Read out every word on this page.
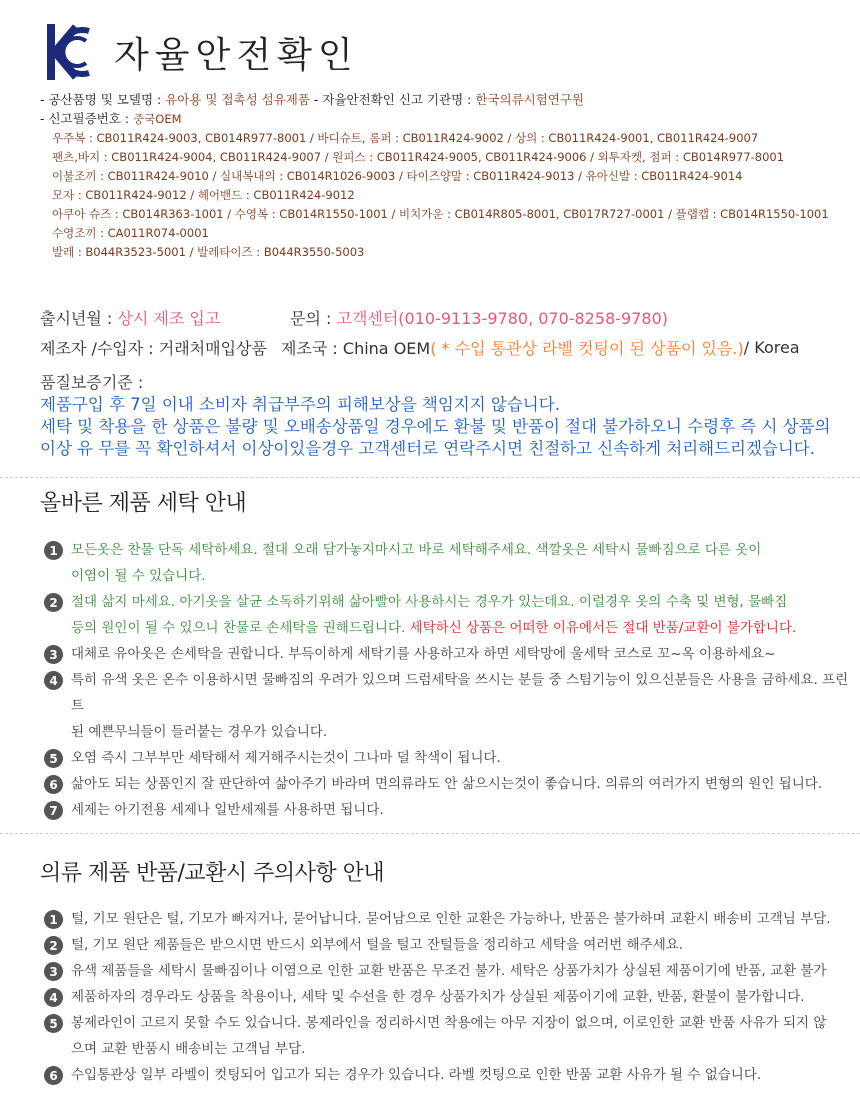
자율안전확인
- 공산품명 및 모델명 : 유아용 및 접촉성 섬유제품 - 자율안전확인 신고 기관명 : 한국의류시험연구원
- 신고필증번호 : 중국OEM
우주복 : CB011R424-9003, CB014R977-8001 / 바디슈트, 롬퍼 : CB011R424-9002 / 상의 : CB011R424-9001, CB011R424-9007
팬츠,바지 : CB011R424-9004, CB011R424-9007 / 원피스 : CB011R424-9005, CB011R424-9006 / 외투자켓, 점퍼 : CB014R977-8001
이불조끼 : CB011R424-9010 / 실내복내의 : CB014R1026-9003 / 타이즈양말 : CB011R424-9013 / 유아신발 : CB011R424-9014
모자 : CB011R424-9012 / 헤어밴드 : CB011R424-9012
아쿠아 슈즈 : CB014R363-1001 / 수영복 : CB014R1550-1001 / 비치가운 : CB014R805-8001, CB017R727-0001 / 플랩캡 : CB014R1550-1001
수영조끼 : CA011R074-0001
발레 : B044R3523-5001 / 발레타이즈 : B044R3550-5003
출시년월 : 상시 제조 입고	문의 : 고객센터(010-9113-9780, 070-8258-9780)
제조자 /수입자 : 거래처매입상품 제조국 : China OEM ( * 수입 통관상 라벨 컷팅이 된 상품이 있음.) / Korea
품질보증기준 :
제품구입 후 7일 이내 소비자 취급부주의 피해보상을 책임지지 않습니다.
세탁 및 착용을 한 상품은 불량 및 오배송상품일 경우에도 환불 및 반품이 절대 불가하오니 수령후 즉 시 상품의
이상 유 무를 꼭 확인하셔서 이상이있을경우 고객센터로 연락주시면 친절하고 신속하게 처리해드리겠습니다.
올바른 제품 세탁 안내
1 모든옷은 찬물 단독 세탁하세요. 절대 오래 담가놓지마시고 바로 세탁해주세요. 색깔옷은 세탁시 물빠짐으로 다른 옷이
이염이 될 수 있습니다.
2 절대 삶지 마세요. 아기옷을 살균 소독하기위해 삶아빨아 사용하시는 경우가 있는데요. 이럴경우 옷의 수축 및 변형, 물빠짐
등의 원인이 될 수 있으니 찬물로 손세탁을 권해드립니다. 세탁하신 상품은 어떠한 이유에서든 절대 반품/교환이 불가합니다.
3 대체로 유아옷은 손세탁을 권합니다. 부득이하게 세탁기를 사용하고자 하면 세탁망에 울세탁 코스로 꼬~옥 이용하세요~
4 특히 유색 옷은 온수 이용하시면 물빠짐의 우려가 있으며 드럼세탁을 쓰시는 분들 중 스팀기능이 있으신분들은 사용을 금하세요. 프린트
된 예쁜무늬들이 들러붙는 경우가 있습니다.
5 오염 즉시 그부부만 세탁해서 제거해주시는것이 그나마 덜 착색이 됩니다.
6 삶아도 되는 상품인지 잘 판단하여 삶아주기 바라며 면의류라도 안 삶으시는것이 좋습니다. 의류의 여러가지 변형의 원인 됩니다.
7 세제는 아기전용 세제나 일반세제를 사용하면 됩니다.
의류 제품 반품/교환시 주의사항 안내
1 털, 기모 원단은 털, 기모가 빠지거나, 묻어납니다. 묻어남으로 인한 교환은 가능하나, 반품은 불가하며 교환시 배송비 고객님 부담.
2 털, 기모 원단 제품들은 받으시면 반드시 외부에서 털을 털고 잔털들을 정리하고 세탁을 여러번 해주세요.
3 유색 제품들을 세탁시 물빠짐이나 이염으로 인한 교환 반품은 무조건 불가. 세탁은 상품가치가 상실된 제품이기에 반품, 교환 불가
4 제품하자의 경우라도 상품을 착용이나, 세탁 및 수선을 한 경우 상품가치가 상실된 제품이기에 교환, 반품, 환불이 불가합니다.
5 봉제라인이 고르지 못할 수도 있습니다. 봉제라인을 정리하시면 착용에는 아무 지장이 없으며, 이로인한 교환 반품 사유가 되지 않
으며 교환 반품시 배송비는 고객님 부담.
6 수입통관상 일부 라벨이 컷팅되어 입고가 되는 경우가 있습니다. 라벨 컷팅으로 인한 반품 교환 사유가 될 수 없습니다.
